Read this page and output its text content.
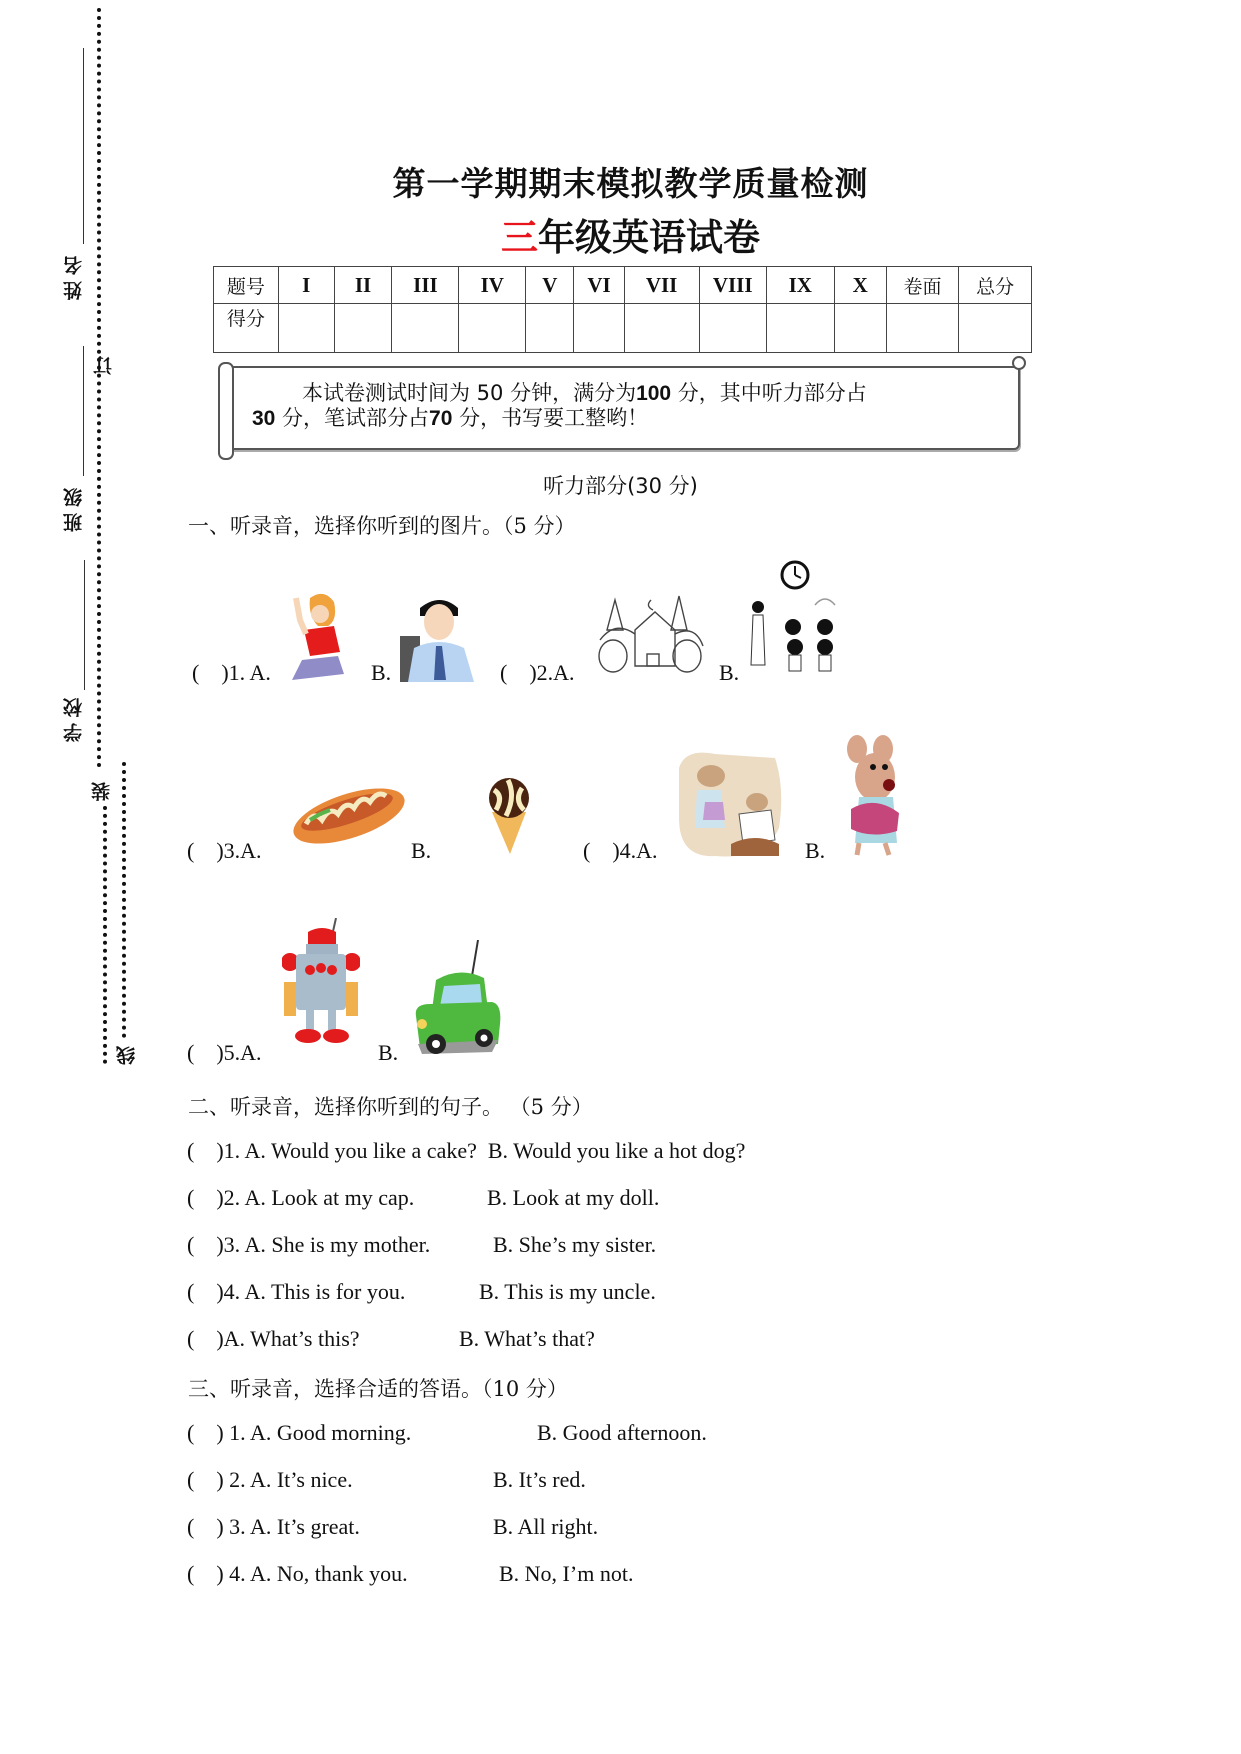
姓名
班级
学校
订
装
线
第一学期期末模拟教学质量检测
三年级英语试卷
题号	I	II	III	IV	V	VI	VII	VIII	IX	X	卷面	总分
得分												
本试卷测试时间为 50 分钟，满分为100 分，其中听力部分占
30 分，笔试部分占70 分，书写要工整哟！
听力部分(30 分)
一、听录音，选择你听到的图片。（5 分）
(    )1. A.	B.	(    )2.A.	B.
(    )3.A.	B.	(    )4.A.	B.
(    )5.A.	B.
二、听录音，选择你听到的句子。 （5 分）
(    )1. A. Would you like a cake? B. Would you like a hot dog?
(    )2. A. Look at my cap.	B. Look at my doll.
(    )3. A. She is my mother.	B. She’s my sister.
(    )4. A. This is for you.	B. This is my uncle.
(    )A. What’s this?	B. What’s that?
三、听录音，选择合适的答语。（10 分）
(    ) 1. A. Good morning.	B. Good afternoon.
(    ) 2. A. It’s nice.	B. It’s red.
(    ) 3. A. It’s great.	B. All right.
(    ) 4. A. No, thank you.	B. No, I’m not.
